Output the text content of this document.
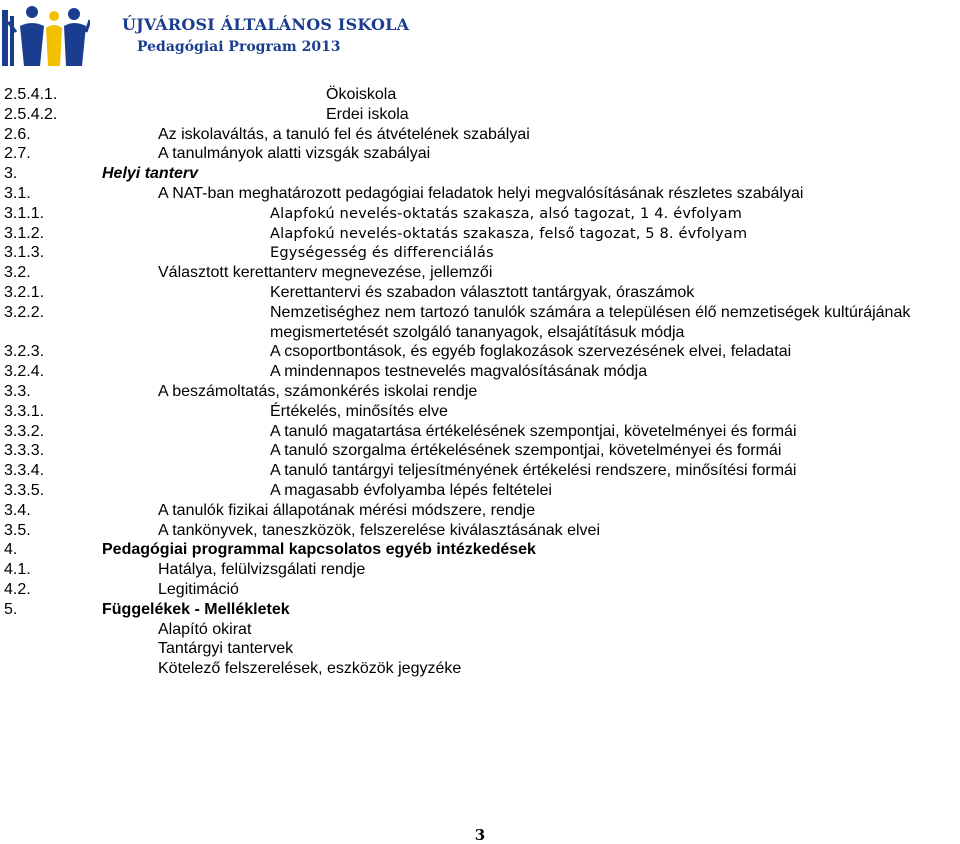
ÚJVÁROSI ÁLTALÁNOS ISKOLA
Pedagógiai Program 2013
2.5.4.1.	Ökoiskola
2.5.4.2.	Erdei iskola
2.6.	Az iskolaváltás, a tanuló fel és átvételének szabályai
2.7.	A tanulmányok alatti vizsgák szabályai
3.	Helyi tanterv
3.1.	A NAT-ban meghatározott pedagógiai feladatok helyi megvalósításának részletes szabályai
3.1.1.	Alapfokú nevelés-oktatás szakasza, alsó tagozat, 1 4. évfolyam
3.1.2.	Alapfokú nevelés-oktatás szakasza, felső tagozat, 5 8. évfolyam
3.1.3.	Egységesség és differenciálás
3.2.	Választott kerettanterv megnevezése, jellemzői
3.2.1.	Kerettantervi és szabadon választott tantárgyak, óraszámok
3.2.2.	Nemzetiséghez nem tartozó tanulók számára a településen élő nemzetiségek kultúrájának
megismertetését szolgáló tananyagok, elsajátításuk módja
3.2.3.	A csoportbontások, és egyéb foglakozások szervezésének elvei, feladatai
3.2.4.	A mindennapos testnevelés magvalósításának módja
3.3.	A beszámoltatás, számonkérés iskolai rendje
3.3.1.	Értékelés, minősítés elve
3.3.2.	A tanuló magatartása értékelésének szempontjai, követelményei és formái
3.3.3.	A tanuló szorgalma értékelésének szempontjai, követelményei és formái
3.3.4.	A tanuló tantárgyi teljesítményének értékelési rendszere, minősítési formái
3.3.5.	A magasabb évfolyamba lépés feltételei
3.4.	A tanulók fizikai állapotának mérési módszere, rendje
3.5.	A tankönyvek, taneszközök, felszerelése kiválasztásának elvei
4.	Pedagógiai programmal kapcsolatos egyéb intézkedések
4.1.	Hatálya, felülvizsgálati rendje
4.2.	Legitimáció
5.	Függelékek - Mellékletek
Alapító okirat
Tantárgyi tantervek
Kötelező felszerelések, eszközök jegyzéke
3
